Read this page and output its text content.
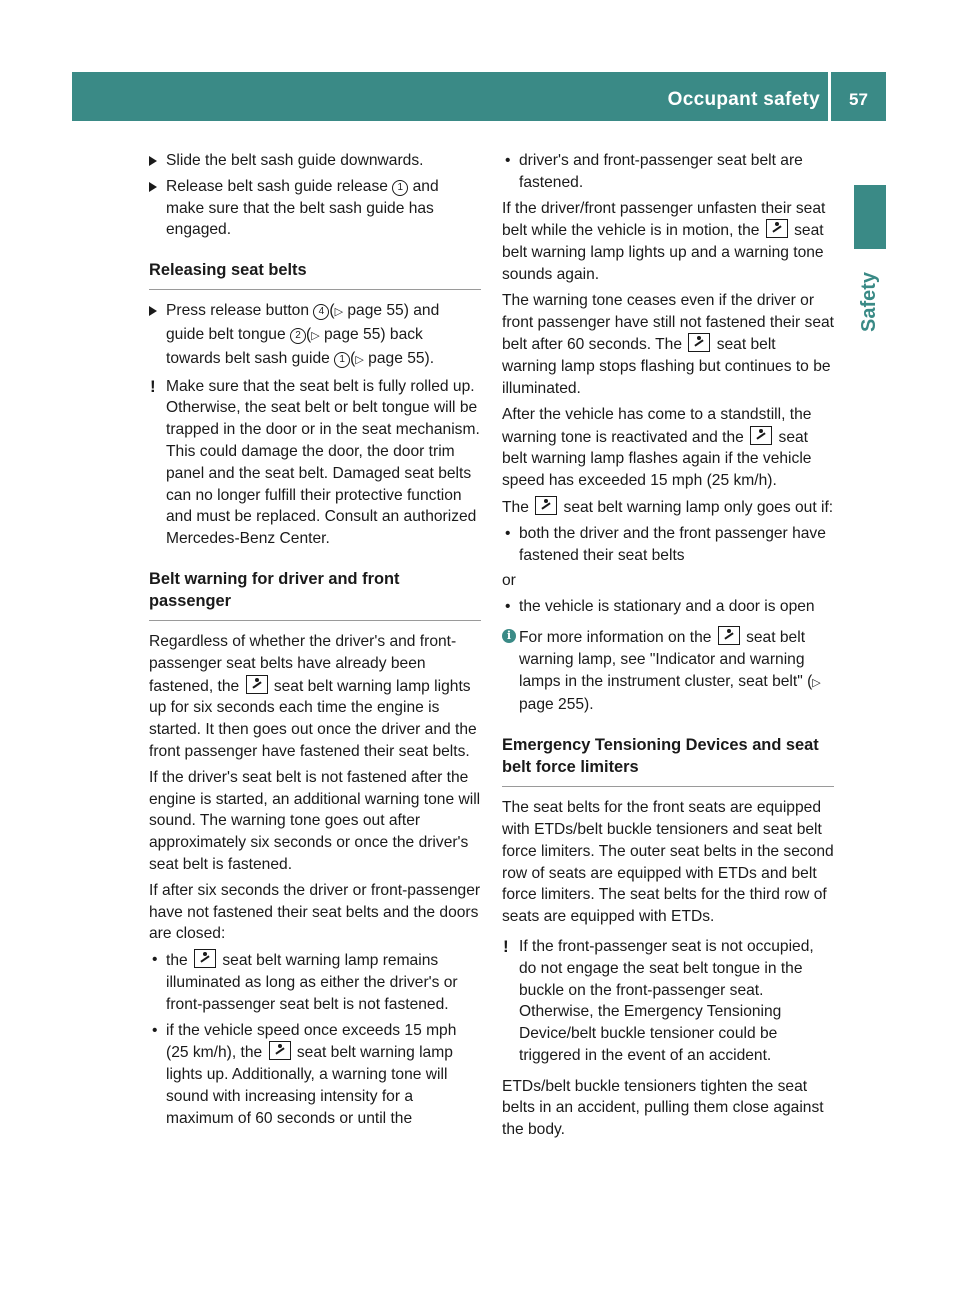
Occupant safety	57
Safety
Slide the belt sash guide downwards.
Release belt sash guide release 1 and make sure that the belt sash guide has engaged.
Releasing seat belts
Press release button 4 (▷ page 55) and guide belt tongue 2 (▷ page 55) back towards belt sash guide 1 (▷ page 55).
! Make sure that the seat belt is fully rolled up. Otherwise, the seat belt or belt tongue will be trapped in the door or in the seat mechanism. This could damage the door, the door trim panel and the seat belt. Damaged seat belts can no longer fulfill their protective function and must be replaced. Consult an authorized Mercedes-Benz Center.
Belt warning for driver and front passenger

Regardless of whether the driver's and front-passenger seat belts have already been fastened, the  seat belt warning lamp lights up for six seconds each time the engine is started. It then goes out once the driver and the front passenger have fastened their seat belts.

If the driver's seat belt is not fastened after the engine is started, an additional warning tone will sound. The warning tone goes out after approximately six seconds or once the driver's seat belt is fastened.

If after six seconds the driver or front-passenger have not fastened their seat belts and the doors are closed:

• the  seat belt warning lamp remains illuminated as long as either the driver's or front-passenger seat belt is not fastened.
• if the vehicle speed once exceeds 15 mph (25 km/h), the  seat belt warning lamp lights up. Additionally, a warning tone will sound with increasing intensity for a maximum of 60 seconds or until the
• driver's and front-passenger seat belt are fastened.

If the driver/front passenger unfasten their seat belt while the vehicle is in motion, the  seat belt warning lamp lights up and a warning tone sounds again.

The warning tone ceases even if the driver or front passenger have still not fastened their seat belt after 60 seconds. The  seat belt warning lamp stops flashing but continues to be illuminated.

After the vehicle has come to a standstill, the warning tone is reactivated and the  seat belt warning lamp flashes again if the vehicle speed has exceeded 15 mph (25 km/h).

The  seat belt warning lamp only goes out if:

• both the driver and the front passenger have fastened their seat belts

or

• the vehicle is stationary and a door is open
i For more information on the  seat belt warning lamp, see "Indicator and warning lamps in the instrument cluster, seat belt" (▷ page 255).
Emergency Tensioning Devices and seat belt force limiters

The seat belts for the front seats are equipped with ETDs/belt buckle tensioners and seat belt force limiters. The outer seat belts in the second row of seats are equipped with ETDs and belt force limiters. The seat belts for the third row of seats are equipped with ETDs.

! If the front-passenger seat is not occupied, do not engage the seat belt tongue in the buckle on the front-passenger seat. Otherwise, the Emergency Tensioning Device/belt buckle tensioner could be triggered in the event of an accident.

ETDs/belt buckle tensioners tighten the seat belts in an accident, pulling them close against the body.
